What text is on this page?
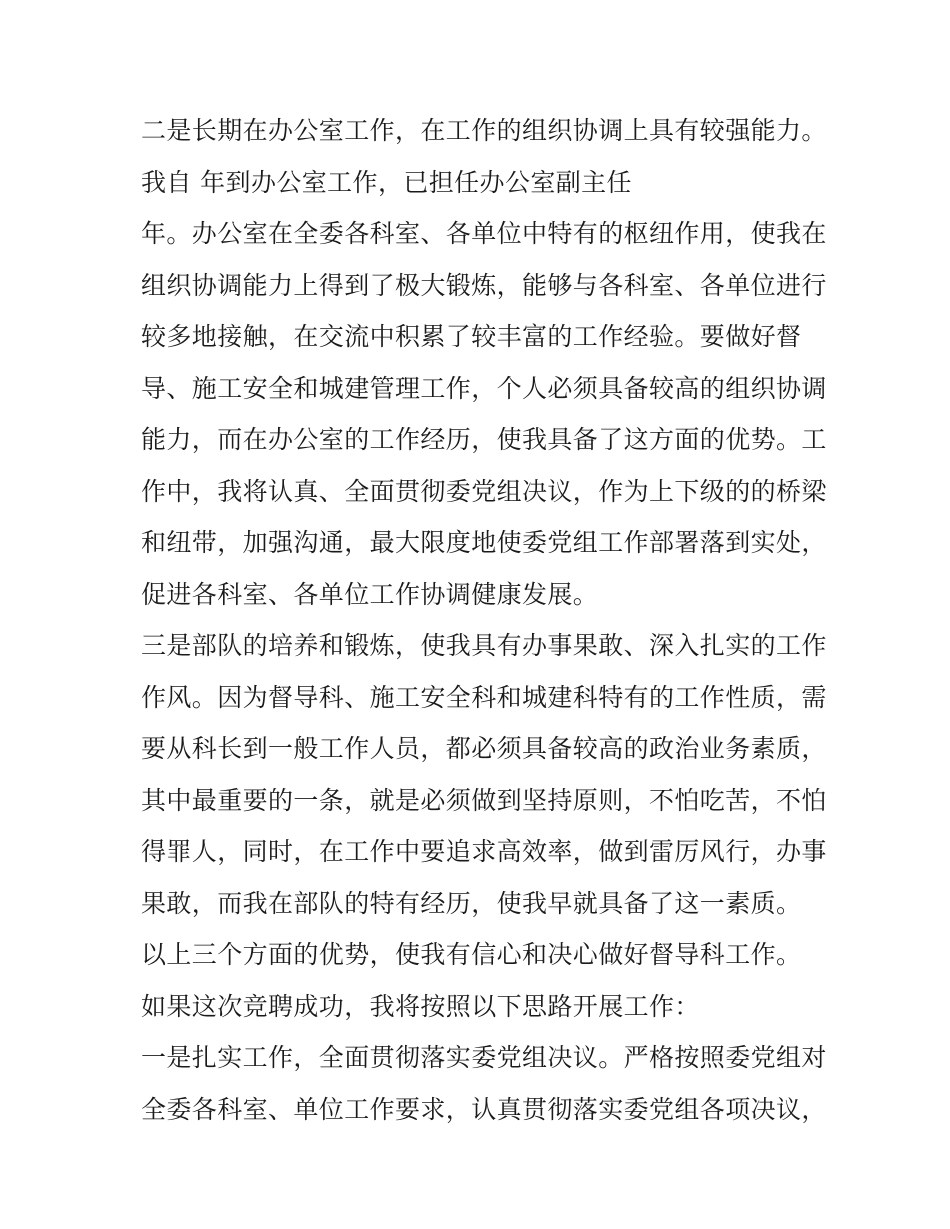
二是长期在办公室工作，在工作的组织协调上具有较强能力。
我自 年到办公室工作，已担任办公室副主任
年。办公室在全委各科室、各单位中特有的枢纽作用，使我在
组织协调能力上得到了极大锻炼，能够与各科室、各单位进行
较多地接触，在交流中积累了较丰富的工作经验。要做好督
导、施工安全和城建管理工作，个人必须具备较高的组织协调
能力，而在办公室的工作经历，使我具备了这方面的优势。工
作中，我将认真、全面贯彻委党组决议，作为上下级的的桥梁
和纽带，加强沟通，最大限度地使委党组工作部署落到实处，
促进各科室、各单位工作协调健康发展。
三是部队的培养和锻炼，使我具有办事果敢、深入扎实的工作
作风。因为督导科、施工安全科和城建科特有的工作性质，需
要从科长到一般工作人员，都必须具备较高的政治业务素质，
其中最重要的一条，就是必须做到坚持原则，不怕吃苦，不怕
得罪人，同时，在工作中要追求高效率，做到雷厉风行，办事
果敢，而我在部队的特有经历，使我早就具备了这一素质。
以上三个方面的优势，使我有信心和决心做好督导科工作。
如果这次竞聘成功，我将按照以下思路开展工作：
一是扎实工作，全面贯彻落实委党组决议。严格按照委党组对
全委各科室、单位工作要求，认真贯彻落实委党组各项决议，
